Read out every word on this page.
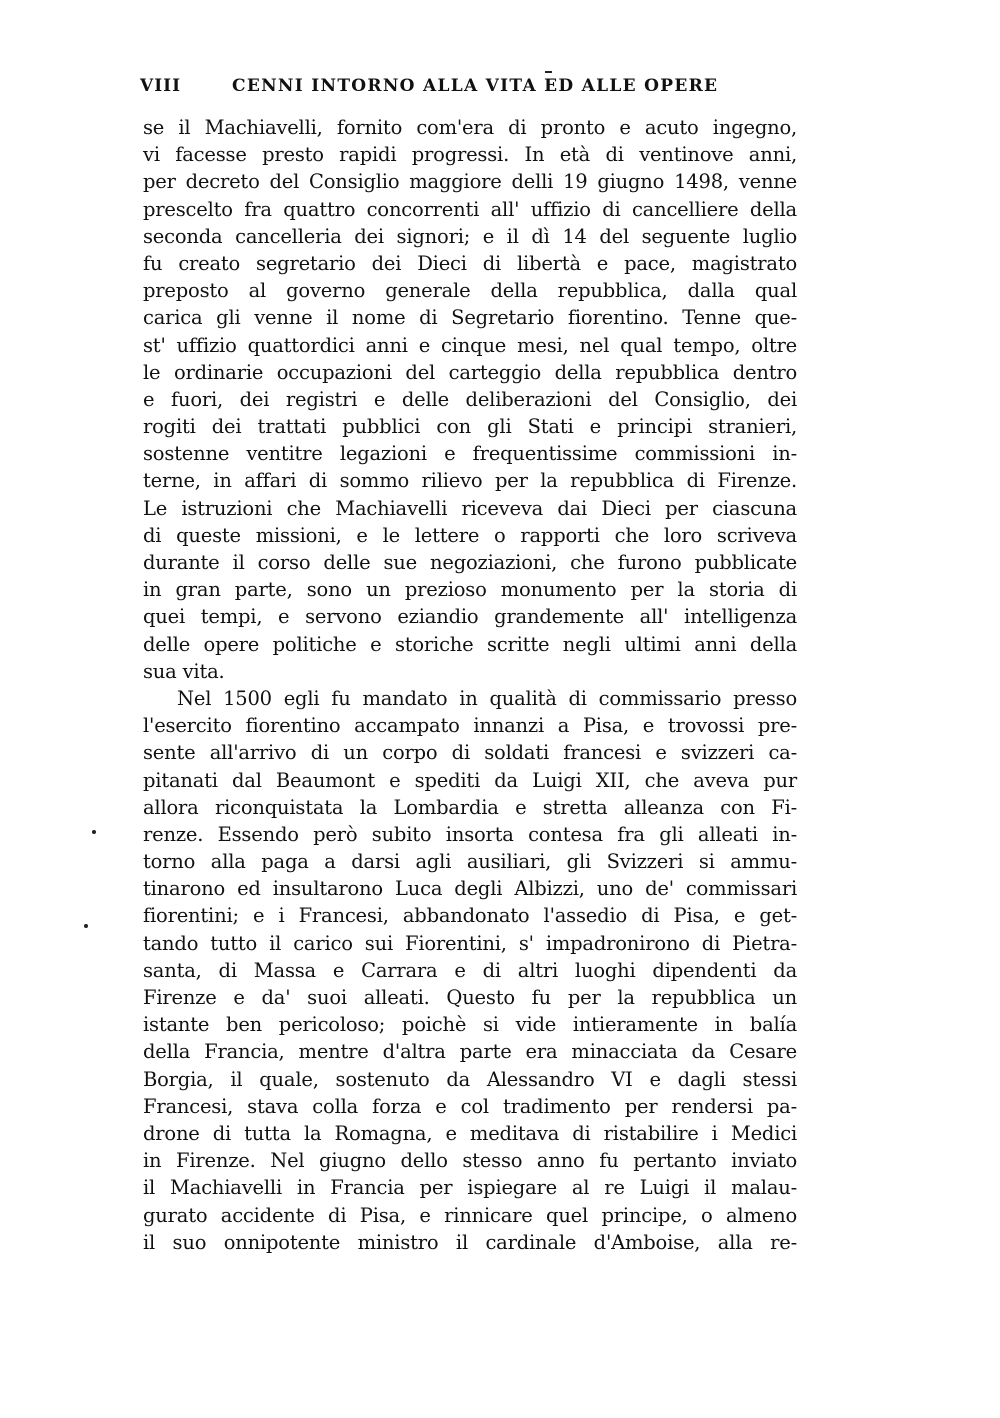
VIII	CENNI INTORNO ALLA VITA ED ALLE OPERE
se il Machiavelli, fornito com'era di pronto e acuto ingegno,
vi facesse presto rapidi progressi. In età di ventinove anni,
per decreto del Consiglio maggiore delli 19 giugno 1498, venne
prescelto fra quattro concorrenti all' uffizio di cancelliere della
seconda cancelleria dei signori; e il dì 14 del seguente luglio
fu creato segretario dei Dieci di libertà e pace, magistrato
preposto al governo generale della repubblica, dalla qual
carica gli venne il nome di Segretario fiorentino. Tenne que-
st' uffizio quattordici anni e cinque mesi, nel qual tempo, oltre
le ordinarie occupazioni del carteggio della repubblica dentro
e fuori, dei registri e delle deliberazioni del Consiglio, dei
rogiti dei trattati pubblici con gli Stati e principi stranieri,
sostenne ventitre legazioni e frequentissime commissioni in-
terne, in affari di sommo rilievo per la repubblica di Firenze.
Le istruzioni che Machiavelli riceveva dai Dieci per ciascuna
di queste missioni, e le lettere o rapporti che loro scriveva
durante il corso delle sue negoziazioni, che furono pubblicate
in gran parte, sono un prezioso monumento per la storia di
quei tempi, e servono eziandio grandemente all' intelligenza
delle opere politiche e storiche scritte negli ultimi anni della
sua vita.
Nel 1500 egli fu mandato in qualità di commissario presso
l'esercito fiorentino accampato innanzi a Pisa, e trovossi pre-
sente all'arrivo di un corpo di soldati francesi e svizzeri ca-
pitanati dal Beaumont e spediti da Luigi XII, che aveva pur
allora riconquistata la Lombardia e stretta alleanza con Fi-
renze. Essendo però subito insorta contesa fra gli alleati in-
torno alla paga a darsi agli ausiliari, gli Svizzeri si ammu-
tinarono ed insultarono Luca degli Albizzi, uno de' commissari
fiorentini; e i Francesi, abbandonato l'assedio di Pisa, e get-
tando tutto il carico sui Fiorentini, s' impadronirono di Pietra-
santa, di Massa e Carrara e di altri luoghi dipendenti da
Firenze e da' suoi alleati. Questo fu per la repubblica un
istante ben pericoloso; poichè si vide intieramente in balía
della Francia, mentre d'altra parte era minacciata da Cesare
Borgia, il quale, sostenuto da Alessandro VI e dagli stessi
Francesi, stava colla forza e col tradimento per rendersi pa-
drone di tutta la Romagna, e meditava di ristabilire i Medici
in Firenze. Nel giugno dello stesso anno fu pertanto inviato
il Machiavelli in Francia per ispiegare al re Luigi il malau-
gurato accidente di Pisa, e rinnicare quel principe, o almeno
il suo onnipotente ministro il cardinale d'Amboise, alla re-
